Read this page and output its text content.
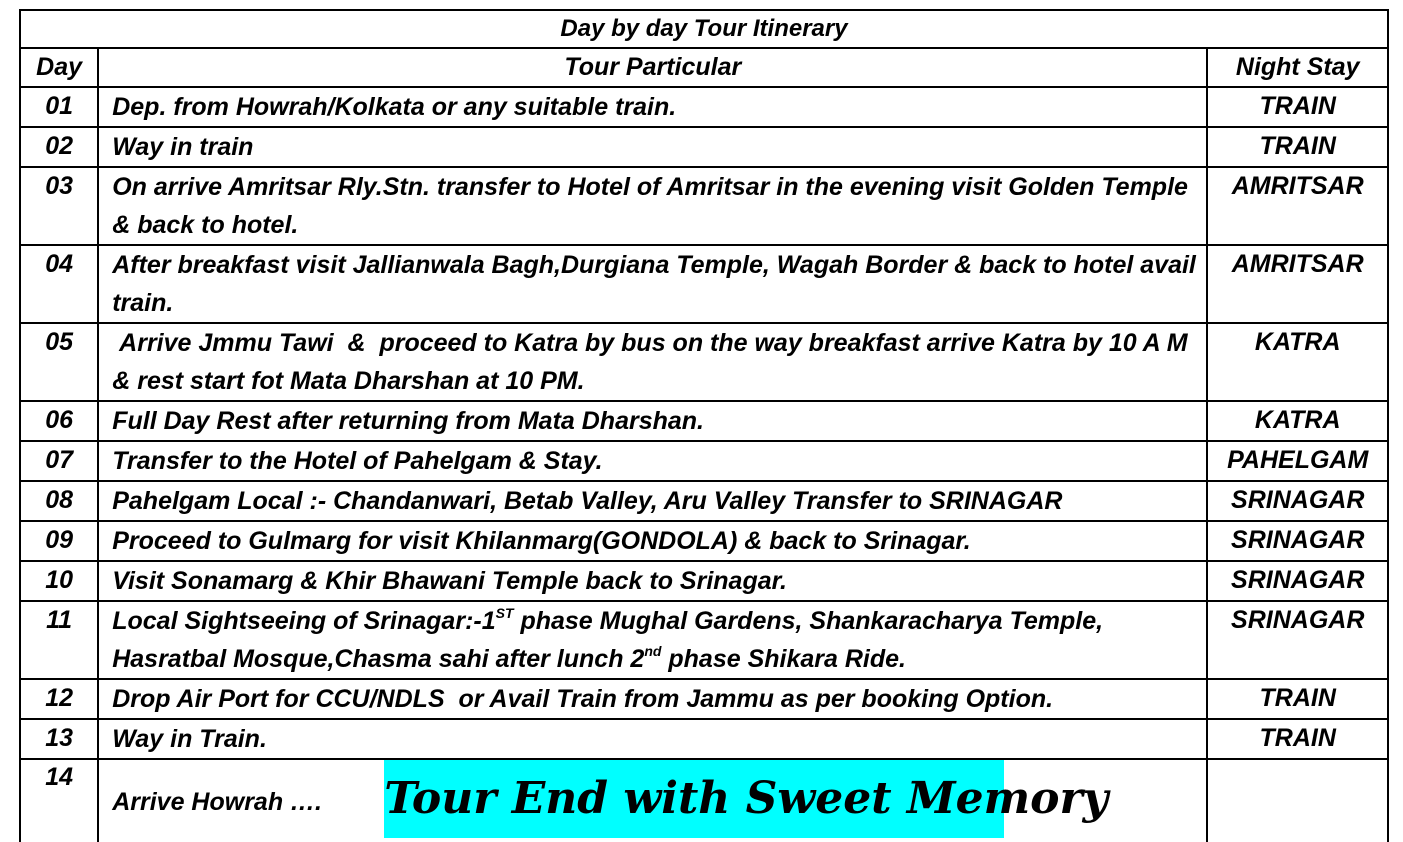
Day by day Tour Itinerary		
Day	Tour Particular	Night Stay
01	Dep. from Howrah/Kolkata or any suitable train.	TRAIN
02	Way in train	TRAIN
03	On arrive Amritsar Rly.Stn. transfer to Hotel of Amritsar in the evening visit Golden Temple & back to hotel.	AMRITSAR
04	After breakfast visit Jallianwala Bagh,Durgiana Temple, Wagah Border & back to hotel avail train.	AMRITSAR
05	Arrive Jmmu Tawi  &  proceed to Katra by bus on the way breakfast arrive Katra by 10 A M & rest start fot Mata Dharshan at 10 PM.	KATRA
06	Full Day Rest after returning from Mata Dharshan.	KATRA
07	Transfer to the Hotel of Pahelgam & Stay.	PAHELGAM
08	Pahelgam Local :- Chandanwari, Betab Valley, Aru Valley Transfer to SRINAGAR	SRINAGAR
09	Proceed to Gulmarg for visit Khilanmarg(GONDOLA) & back to Srinagar.	SRINAGAR
10	Visit Sonamarg & Khir Bhawani Temple back to Srinagar.	SRINAGAR
11	Local Sightseeing of Srinagar:-1ST phase Mughal Gardens, Shankaracharya Temple, Hasratbal Mosque,Chasma sahi after lunch 2nd phase Shikara Ride.	SRINAGAR
12	Drop Air Port for CCU/NDLS  or Avail Train from Jammu as per booking Option.	TRAIN
13	Way in Train.	TRAIN
14	Arrive Howrah …. Tour End with Sweet Memory	
